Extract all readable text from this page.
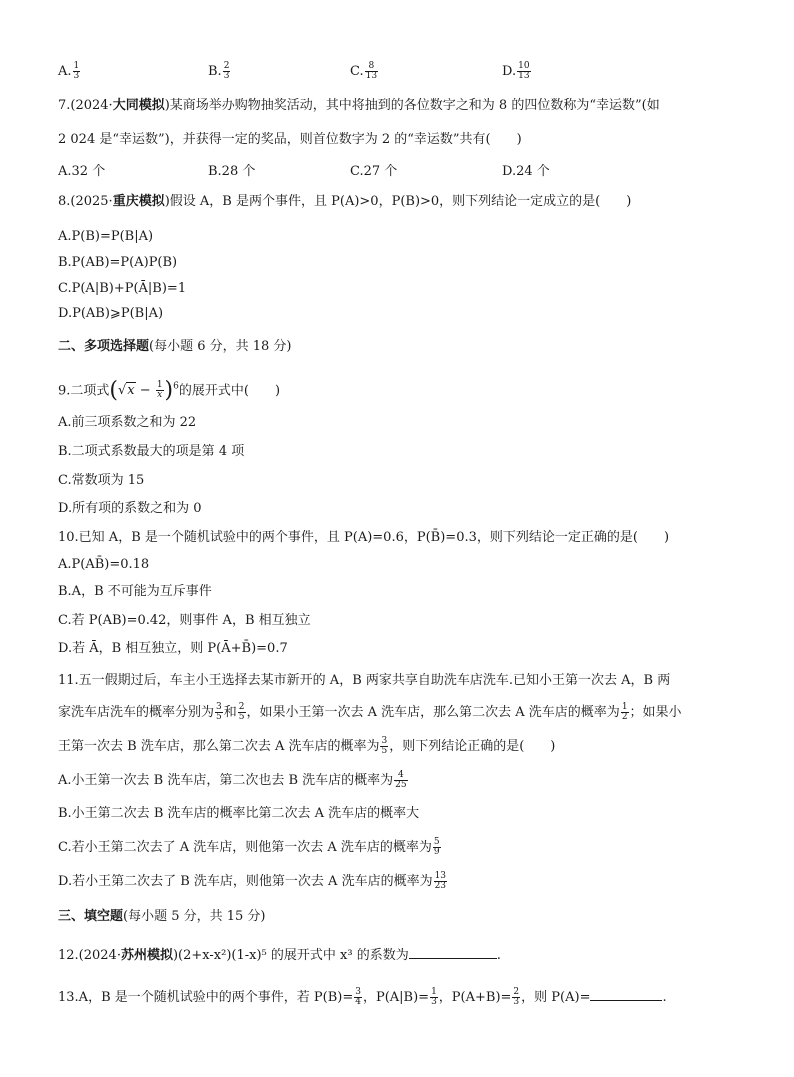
A. $\frac{1}{3}$	B. $\frac{2}{3}$	C. $\frac{8}{13}$	D. $\frac{10}{13}$
7.(2024·大同模拟)某商场举办购物抽奖活动，其中将抽到的各位数字之和为 8 的四位数称为“幸运数”(如
2 024 是“幸运数”)，并获得一定的奖品，则首位数字为 2 的“幸运数”共有(　　)
A.32 个	B.28 个	C.27 个	D.24 个
8.(2025·重庆模拟)假设 A，B 是两个事件，且 P(A)>0，P(B)>0，则下列结论一定成立的是(　　)
A.P(B)=P(B|A)
B.P(AB)=P(A)P(B)
C.P(A|B)+P(Ā|B)=1
D.P(AB)⩾P(B|A)
二、多项选择题(每小题 6 分，共 18 分)
9.二项式$(√x - \frac{1}{x} )^6$的展开式中(　　)
A.前三项系数之和为 22
B.二项式系数最大的项是第 4 项
C.常数项为 15
D.所有项的系数之和为 0
10.已知 A，B 是一个随机试验中的两个事件，且 P(A)=0.6，P(B̄)=0.3，则下列结论一定正确的是(　　)
A.P(AB̄)=0.18
B.A，B 不可能为互斥事件
C.若 P(AB)=0.42，则事件 A，B 相互独立
D.若 Ā，B 相互独立，则 P(Ā+B̄)=0.7
11.五一假期过后，车主小王选择去某市新开的 A，B 两家共享自助洗车店洗车.已知小王第一次去 A，B 两
家洗车店洗车的概率分别为 $\frac{3}{5}$ 和 $\frac{2}{5}$ ，如果小王第一次去 A 洗车店，那么第二次去 A 洗车店的概率为 $\frac{1}{2}$ ；如果小
王第一次去 B 洗车店，那么第二次去 A 洗车店的概率为 $\frac{3}{5}$ ，则下列结论正确的是(　　)
A.小王第一次去 B 洗车店，第二次也去 B 洗车店的概率为 $\frac{4}{25}$
B.小王第二次去 B 洗车店的概率比第二次去 A 洗车店的概率大
C.若小王第二次去了 A 洗车店，则他第一次去 A 洗车店的概率为 $\frac{5}{9}$
D.若小王第二次去了 B 洗车店，则他第一次去 A 洗车店的概率为 $\frac{13}{23}$
三、填空题(每小题 5 分，共 15 分)
12.(2024·苏州模拟)(2+x-x²)(1-x)⁵ 的展开式中 x³ 的系数为	.
13.A，B 是一个随机试验中的两个事件，若 $P(B)= \frac{3}{4}$ ，$P(A|B)= \frac{1}{3}$ ，$P(A+B)= \frac{2}{3}$ ，则 P(A)=	.
